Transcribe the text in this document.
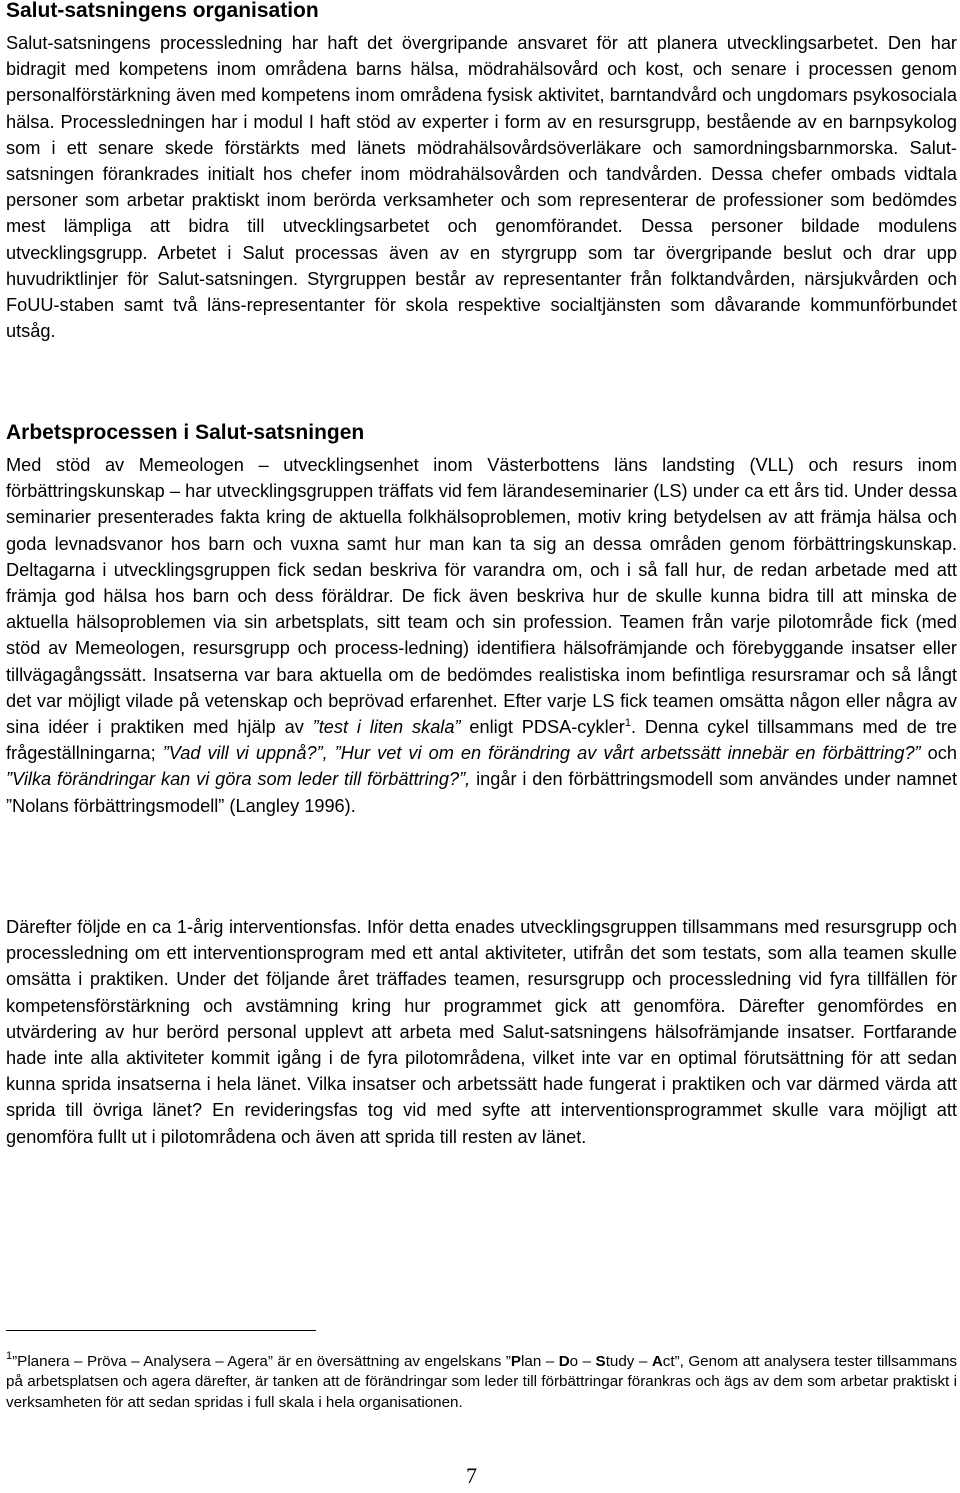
Salut-satsningens organisation

Salut-satsningens processledning har haft det övergripande ansvaret för att planera utvecklingsarbetet. Den har bidragit med kompetens inom områdena barns hälsa, mödrahälsovård och kost, och senare i processen genom personalförstärkning även med kompetens inom områdena fysisk aktivitet, barntandvård och ungdomars psykosociala hälsa. Processledningen har i modul I haft stöd av experter i form av en resursgrupp, bestående av en barnpsykolog som i ett senare skede förstärkts med länets mödrahälsovårdsöverläkare och samordningsbarnmorska. Salut-satsningen förankrades initialt hos chefer inom mödrahälsovården och tandvården. Dessa chefer ombads vidtala personer som arbetar praktiskt inom berörda verksamheter och som representerar de professioner som bedömdes mest lämpliga att bidra till utvecklingsarbetet och genomförandet. Dessa personer bildade modulens utvecklingsgrupp. Arbetet i Salut processas även av en styrgrupp som tar övergripande beslut och drar upp huvudriktlinjer för Salut-satsningen. Styrgruppen består av representanter från folktandvården, närsjukvården och FoUU-staben samt två läns-representanter för skola respektive socialtjänsten som dåvarande kommunförbundet utsåg.

Arbetsprocessen i Salut-satsningen

Med stöd av Memeologen – utvecklingsenhet inom Västerbottens läns landsting (VLL) och resurs inom förbättringskunskap – har utvecklingsgruppen träffats vid fem lärandeseminarier (LS) under ca ett års tid. Under dessa seminarier presenterades fakta kring de aktuella folkhälsoproblemen, motiv kring betydelsen av att främja hälsa och goda levnadsvanor hos barn och vuxna samt hur man kan ta sig an dessa områden genom förbättringskunskap. Deltagarna i utvecklingsgruppen fick sedan beskriva för varandra om, och i så fall hur, de redan arbetade med att främja god hälsa hos barn och dess föräldrar. De fick även beskriva hur de skulle kunna bidra till att minska de aktuella hälsoproblemen via sin arbetsplats, sitt team och sin profession. Teamen från varje pilotområde fick (med stöd av Memeologen, resursgrupp och process-ledning) identifiera hälsofrämjande och förebyggande insatser eller tillvägagångssätt. Insatserna var bara aktuella om de bedömdes realistiska inom befintliga resursramar och så långt det var möjligt vilade på vetenskap och beprövad erfarenhet. Efter varje LS fick teamen omsätta någon eller några av sina idéer i praktiken med hjälp av ”test i liten skala” enligt PDSA-cykler$^1$. Denna cykel tillsammans med de tre frågeställningarna; ”Vad vill vi uppnå?”, ”Hur vet vi om en förändring av vårt arbetssätt innebär en förbättring?” och ”Vilka förändringar kan vi göra som leder till förbättring?”, ingår i den förbättringsmodell som användes under namnet ”Nolans förbättringsmodell” (Langley 1996).

Därefter följde en ca 1-årig interventionsfas. Inför detta enades utvecklingsgruppen tillsammans med resursgrupp och processledning om ett interventionsprogram med ett antal aktiviteter, utifrån det som testats, som alla teamen skulle omsätta i praktiken. Under det följande året träffades teamen, resursgrupp och processledning vid fyra tillfällen för kompetensförstärkning och avstämning kring hur programmet gick att genomföra. Därefter genomfördes en utvärdering av hur berörd personal upplevt att arbeta med Salut-satsningens hälsofrämjande insatser. Fortfarande hade inte alla aktiviteter kommit igång i de fyra pilotområdena, vilket inte var en optimal förutsättning för att sedan kunna sprida insatserna i hela länet. Vilka insatser och arbetssätt hade fungerat i praktiken och var därmed värda att sprida till övriga länet? En revideringsfas tog vid med syfte att interventionsprogrammet skulle vara möjligt att genomföra fullt ut i pilotområdena och även att sprida till resten av länet.

$^1$”Planera – Pröva – Analysera – Agera” är en översättning av engelskans ”Plan – Do – Study – Act”, Genom att analysera tester tillsammans på arbetsplatsen och agera därefter, är tanken att de förändringar som leder till förbättringar förankras och ägs av dem som arbetar praktiskt i verksamheten för att sedan spridas i full skala i hela organisationen.

7
